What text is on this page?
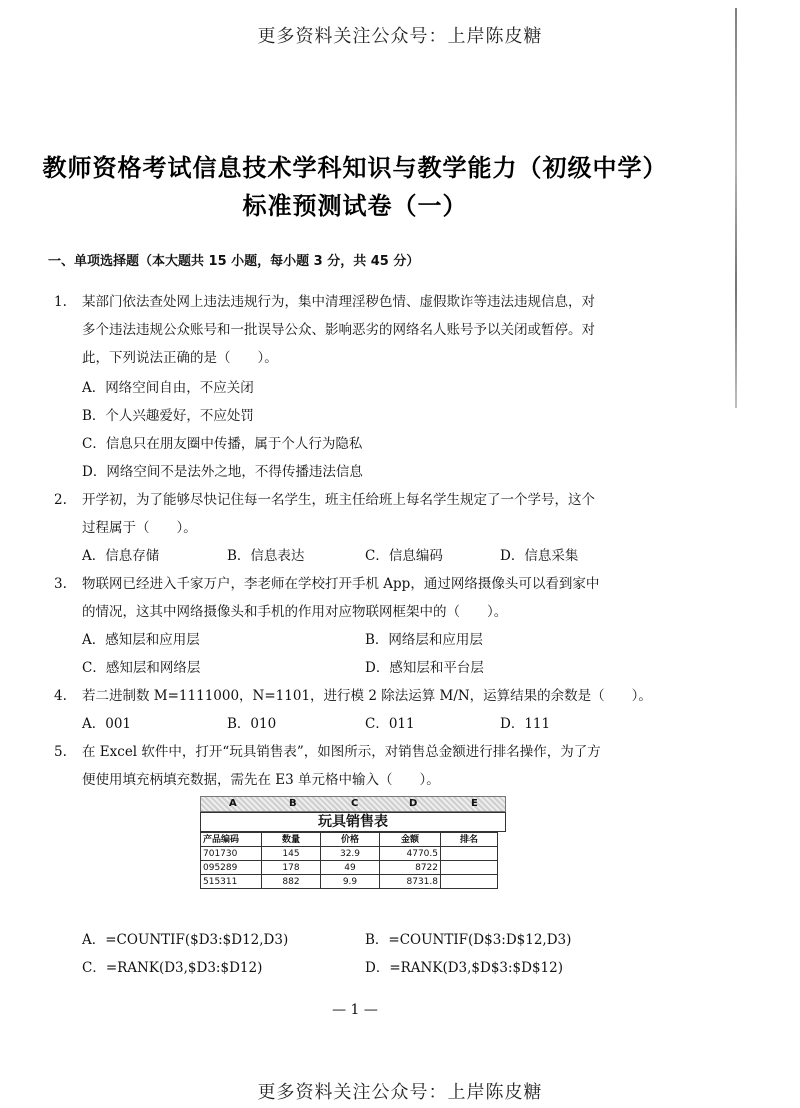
更多资料关注公众号：上岸陈皮糖
教师资格考试信息技术学科知识与教学能力（初级中学）
标准预测试卷（一）
一、单项选择题（本大题共 15 小题，每小题 3 分，共 45 分）
1. 某部门依法查处网上违法违规行为，集中清理淫秽色情、虚假欺诈等违法违规信息，对
多个违法违规公众账号和一批误导公众、影响恶劣的网络名人账号予以关闭或暂停。对
此，下列说法正确的是（　　）。
A．网络空间自由，不应关闭
B．个人兴趣爱好，不应处罚
C．信息只在朋友圈中传播，属于个人行为隐私
D．网络空间不是法外之地，不得传播违法信息
2. 开学初，为了能够尽快记住每一名学生，班主任给班上每名学生规定了一个学号，这个
过程属于（　　）。
A．信息存储	B．信息表达	C．信息编码	D．信息采集
3. 物联网已经进入千家万户，李老师在学校打开手机 App，通过网络摄像头可以看到家中
的情况，这其中网络摄像头和手机的作用对应物联网框架中的（　　）。
A．感知层和应用层	B．网络层和应用层
C．感知层和网络层	D．感知层和平台层
4. 若二进制数 M=1111000，N=1101，进行模 2 除法运算 M/N，运算结果的余数是（　　）。
A．001	B．010	C．011	D．111
5. 在 Excel 软件中，打开“玩具销售表”，如图所示，对销售总金额进行排名操作，为了方
便使用填充柄填充数据，需先在 E3 单元格中输入（　　）。
A	B	C	D	E
玩具销售表
产品编码	数量	价格	金额	排名
701730	145	32.9	4770.5	
095289	178	49	8722	
515311	882	9.9	8731.8	
A．=COUNTIF($D3:$D12,D3)	B．=COUNTIF(D$3:D$12,D3)
C．=RANK(D3,$D3:$D12)	D．=RANK(D3,$D$3:$D$12)
— 1 —
更多资料关注公众号：上岸陈皮糖
